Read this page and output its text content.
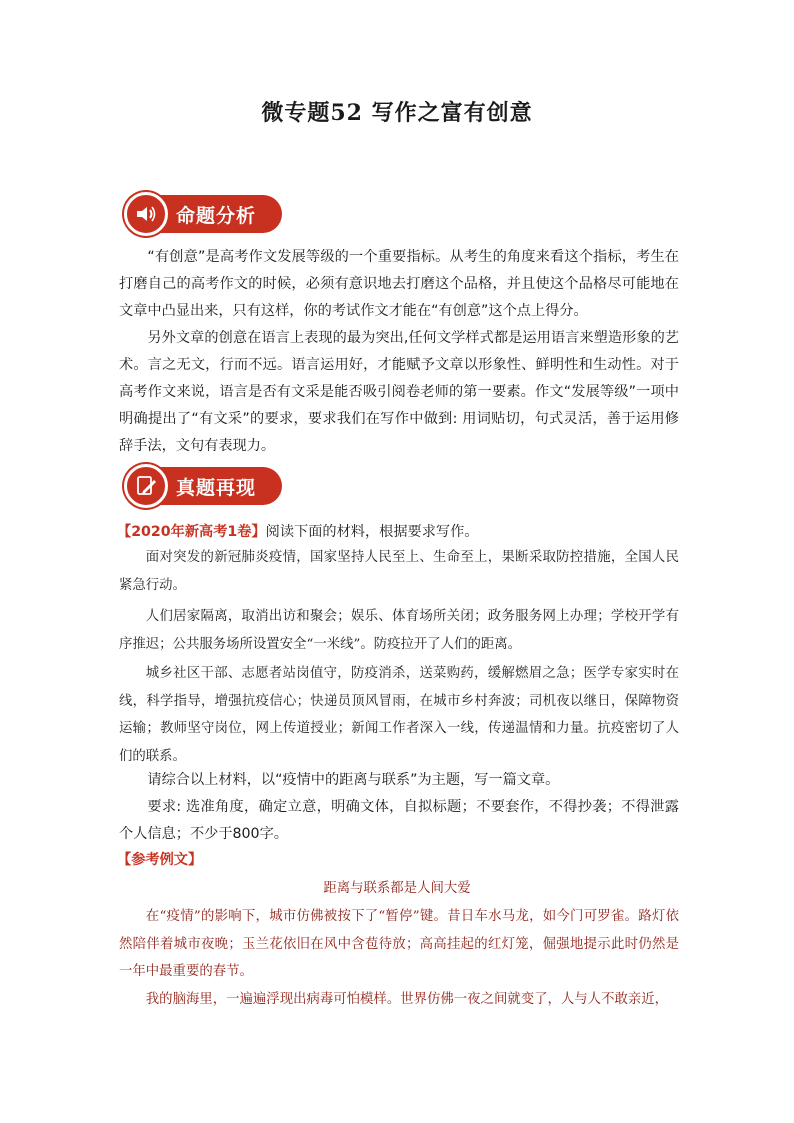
微专题52 写作之富有创意
命题分析

“有创意”是高考作文发展等级的一个重要指标。从考生的角度来看这个指标，考生在打磨自己的高考作文的时候，必须有意识地去打磨这个品格，并且使这个品格尽可能地在文章中凸显出来，只有这样，你的考试作文才能在“有创意”这个点上得分。

另外文章的创意在语言上表现的最为突出,任何文学样式都是运用语言来塑造形象的艺术。言之无文，行而不远。语言运用好，才能赋予文章以形象性、鲜明性和生动性。对于高考作文来说，语言是否有文采是能否吸引阅卷老师的第一要素。作文“发展等级”一项中明确提出了“有文采”的要求，要求我们在写作中做到: 用词贴切，句式灵活，善于运用修辞手法，文句有表现力。

真题再现
【2020年新高考1卷】阅读下面的材料，根据要求写作。

面对突发的新冠肺炎疫情，国家坚持人民至上、生命至上，果断采取防控措施，全国人民紧急行动。

人们居家隔离，取消出访和聚会；娱乐、体育场所关闭；政务服务网上办理；学校开学有序推迟；公共服务场所设置安全“一米线”。防疫拉开了人们的距离。

城乡社区干部、志愿者站岗值守，防疫消杀，送菜购药，缓解燃眉之急；医学专家实时在线，科学指导，增强抗疫信心；快递员顶风冒雨，在城市乡村奔波；司机夜以继日，保障物资运输；教师坚守岗位，网上传道授业；新闻工作者深入一线，传递温情和力量。抗疫密切了人们的联系。

请综合以上材料，以“疫情中的距离与联系”为主题，写一篇文章。

要求: 选准角度，确定立意，明确文体，自拟标题；不要套作，不得抄袭；不得泄露个人信息；不少于800字。

【参考例文】
距离与联系都是人间大爱

在“疫情”的影响下，城市仿佛被按下了“暂停”键。昔日车水马龙，如今门可罗雀。路灯依然陪伴着城市夜晚；玉兰花依旧在风中含苞待放；高高挂起的红灯笼，倔强地提示此时仍然是一年中最重要的春节。

我的脑海里，一遍遍浮现出病毒可怕模样。世界仿佛一夜之间就变了，人与人不敢亲近，
